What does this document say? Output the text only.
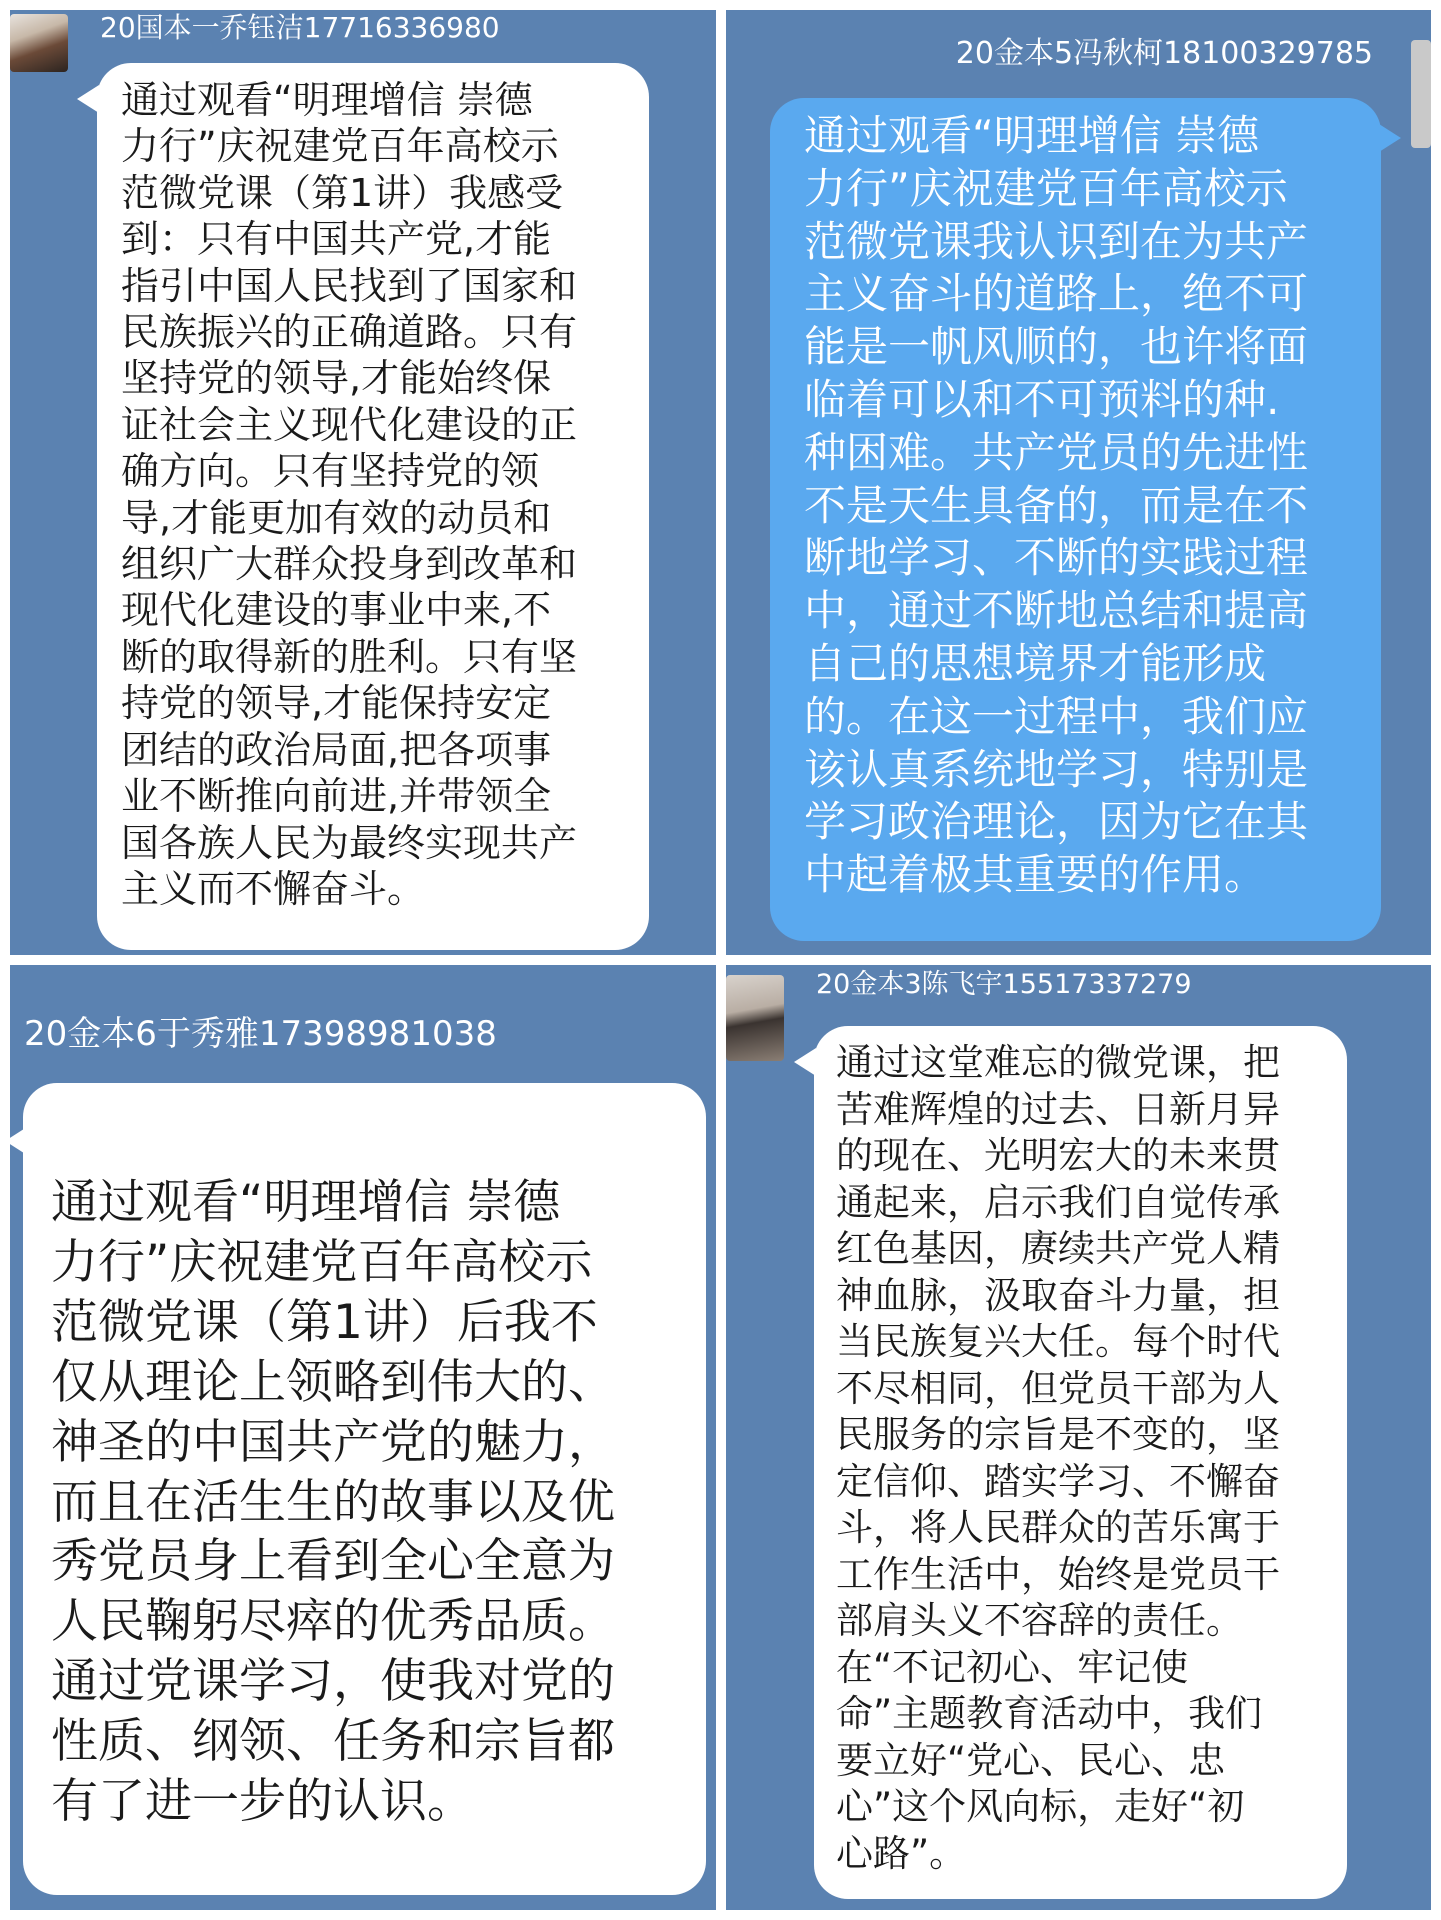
20国本一乔钰洁17716336980

通过观看“明理增信 崇德
力行”庆祝建党百年高校示
范微党课（第1讲）我感受
到：只有中国共产党,才能
指引中国人民找到了国家和
民族振兴的正确道路。只有
坚持党的领导,才能始终保
证社会主义现代化建设的正
确方向。只有坚持党的领
导,才能更加有效的动员和
组织广大群众投身到改革和
现代化建设的事业中来,不
断的取得新的胜利。只有坚
持党的领导,才能保持安定
团结的政治局面,把各项事
业不断推向前进,并带领全
国各族人民为最终实现共产
主义而不懈奋斗。

20金本5冯秋柯18100329785

通过观看“明理增信 崇德
力行”庆祝建党百年高校示
范微党课我认识到在为共产
主义奋斗的道路上，绝不可
能是一帆风顺的，也许将面
临着可以和不可预料的种.
种困难。共产党员的先进性
不是天生具备的，而是在不
断地学习、不断的实践过程
中，通过不断地总结和提高
自己的思想境界才能形成
的。在这一过程中，我们应
该认真系统地学习，特别是
学习政治理论，因为它在其
中起着极其重要的作用。

20金本6于秀雅17398981038

通过观看“明理增信 崇德
力行”庆祝建党百年高校示
范微党课（第1讲）后我不
仅从理论上领略到伟大的、
神圣的中国共产党的魅力，
而且在活生生的故事以及优
秀党员身上看到全心全意为
人民鞠躬尽瘁的优秀品质。
通过党课学习，使我对党的
性质、纲领、任务和宗旨都
有了进一步的认识。

20金本3陈飞宇15517337279

通过这堂难忘的微党课，把
苦难辉煌的过去、日新月异
的现在、光明宏大的未来贯
通起来，启示我们自觉传承
红色基因，赓续共产党人精
神血脉，汲取奋斗力量，担
当民族复兴大任。每个时代
不尽相同，但党员干部为人
民服务的宗旨是不变的，坚
定信仰、踏实学习、不懈奋
斗，将人民群众的苦乐寓于
工作生活中，始终是党员干
部肩头义不容辞的责任。
在“不记初心、牢记使
命”主题教育活动中，我们
要立好“党心、民心、忠
心”这个风向标，走好“初
心路”。
